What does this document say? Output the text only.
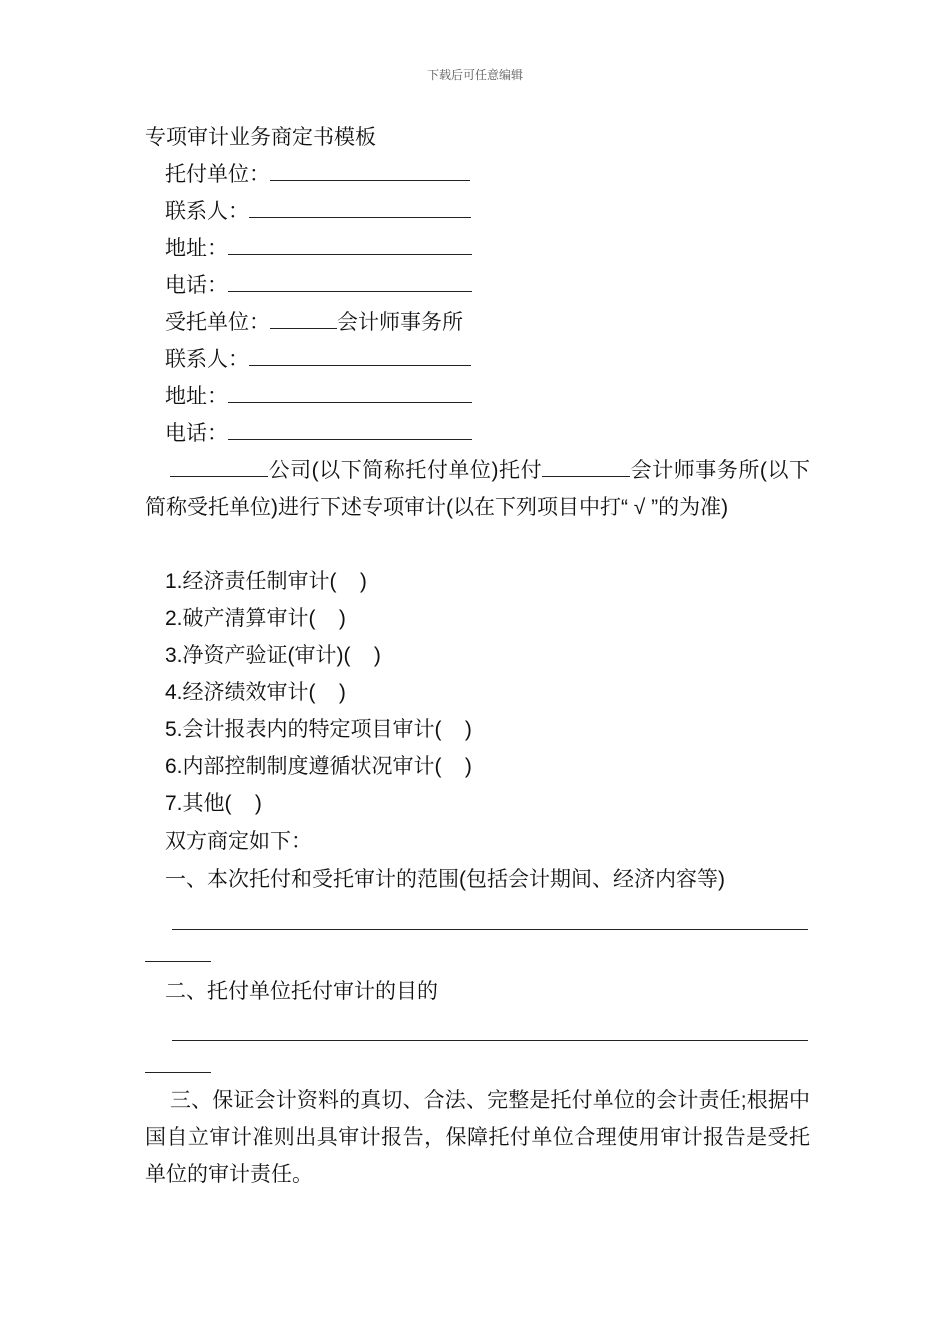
下载后可任意编辑
专项审计业务商定书模板
托付单位：
联系人：
地址：
电话：
受托单位：	会计师事务所
联系人：
地址：
电话：
公司(以下简称托付单位)托付	会计师事务所(以下简称受托单位)进行下述专项审计(以在下列项目中打“ √ ”的为准)
1.经济责任制审计(    )
2.破产清算审计(    )
3.净资产验证(审计)(    )
4.经济绩效审计(    )
5.会计报表内的特定项目审计(    )
6.内部控制制度遵循状况审计(    )
7.其他(    )
双方商定如下：
一、本次托付和受托审计的范围(包括会计期间、经济内容等)
二、托付单位托付审计的目的
三、保证会计资料的真切、合法、完整是托付单位的会计责任;根据中国自立审计准则出具审计报告，保障托付单位合理使用审计报告是受托单位的审计责任。
